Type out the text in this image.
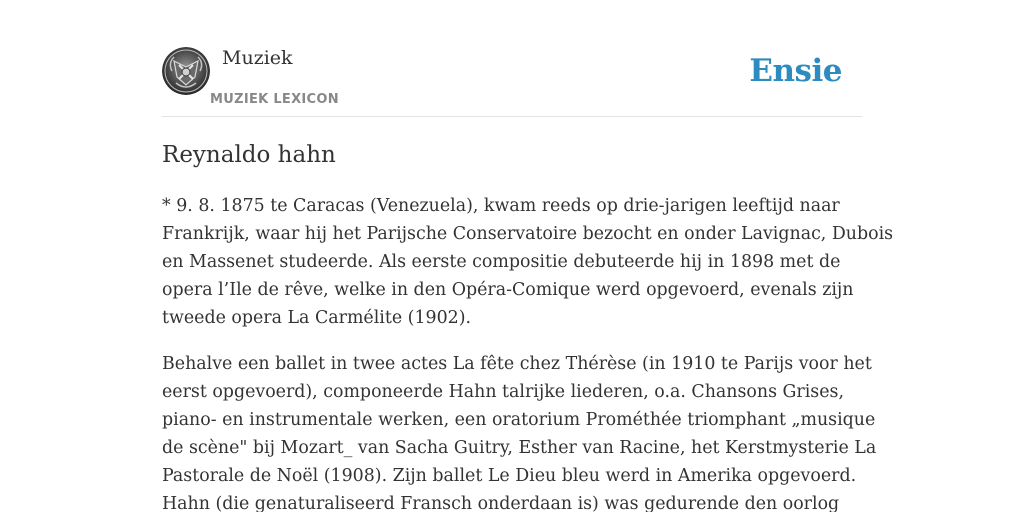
Muziek
MUZIEK LEXICON
Ensie
Reynaldo hahn

* 9. 8. 1875 te Caracas (Venezuela), kwam reeds op drie-jarigen leeftijd naar
Frankrijk, waar hij het Parijsche Conservatoire bezocht en onder Lavignac, Dubois
en Massenet studeerde. Als eerste compositie debuteerde hij in 1898 met de
opera l’Ile de rêve, welke in den Opéra-Comique werd opgevoerd, evenals zijn
tweede opera La Carmélite (1902).

Behalve een ballet in twee actes La fête chez Thérèse (in 1910 te Parijs voor het
eerst opgevoerd), componeerde Hahn talrijke liederen, o.a. Chansons Grises,
piano- en instrumentale werken, een oratorium Prométhée triomphant „musique
de scène" bij Mozart_ van Sacha Guitry, Esther van Racine, het Kerstmysterie La
Pastorale de Noël (1908). Zijn ballet Le Dieu bleu werd in Amerika opgevoerd.
Hahn (die genaturaliseerd Fransch onderdaan is) was gedurende den oorlog
